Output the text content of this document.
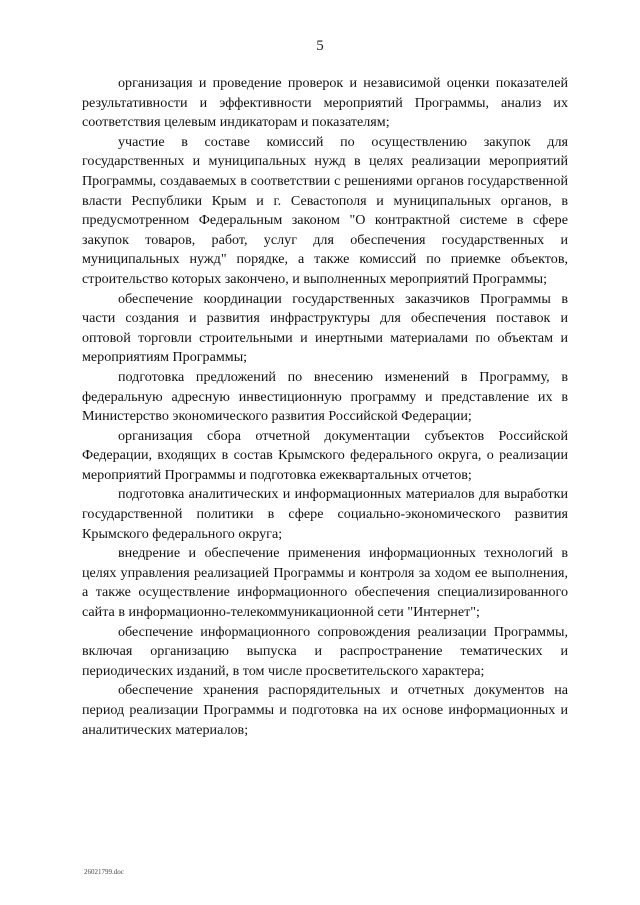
5

организация и проведение проверок и независимой оценки показателей результативности и эффективности мероприятий Программы, анализ их соответствия целевым индикаторам и показателям;

участие в составе комиссий по осуществлению закупок для государственных и муниципальных нужд в целях реализации мероприятий Программы, создаваемых в соответствии с решениями органов государственной власти Республики Крым и г. Севастополя и муниципальных органов, в предусмотренном Федеральным законом "О контрактной системе в сфере закупок товаров, работ, услуг для обеспечения государственных и муниципальных нужд" порядке, а также комиссий по приемке объектов, строительство которых закончено, и выполненных мероприятий Программы;

обеспечение координации государственных заказчиков Программы в части создания и развития инфраструктуры для обеспечения поставок и оптовой торговли строительными и инертными материалами по объектам и мероприятиям Программы;

подготовка предложений по внесению изменений в Программу, в федеральную адресную инвестиционную программу и представление их в Министерство экономического развития Российской Федерации;

организация сбора отчетной документации субъектов Российской Федерации, входящих в состав Крымского федерального округа, о реализации мероприятий Программы и подготовка ежеквартальных отчетов;

подготовка аналитических и информационных материалов для выработки государственной политики в сфере социально-экономического развития Крымского федерального округа;

внедрение и обеспечение применения информационных технологий в целях управления реализацией Программы и контроля за ходом ее выполнения, а также осуществление информационного обеспечения специализированного сайта в информационно-телекоммуникационной сети "Интернет";

обеспечение информационного сопровождения реализации Программы, включая организацию выпуска и распространение тематических и периодических изданий, в том числе просветительского характера;

обеспечение хранения распорядительных и отчетных документов на период реализации Программы и подготовка на их основе информационных и аналитических материалов;

26021799.doc
